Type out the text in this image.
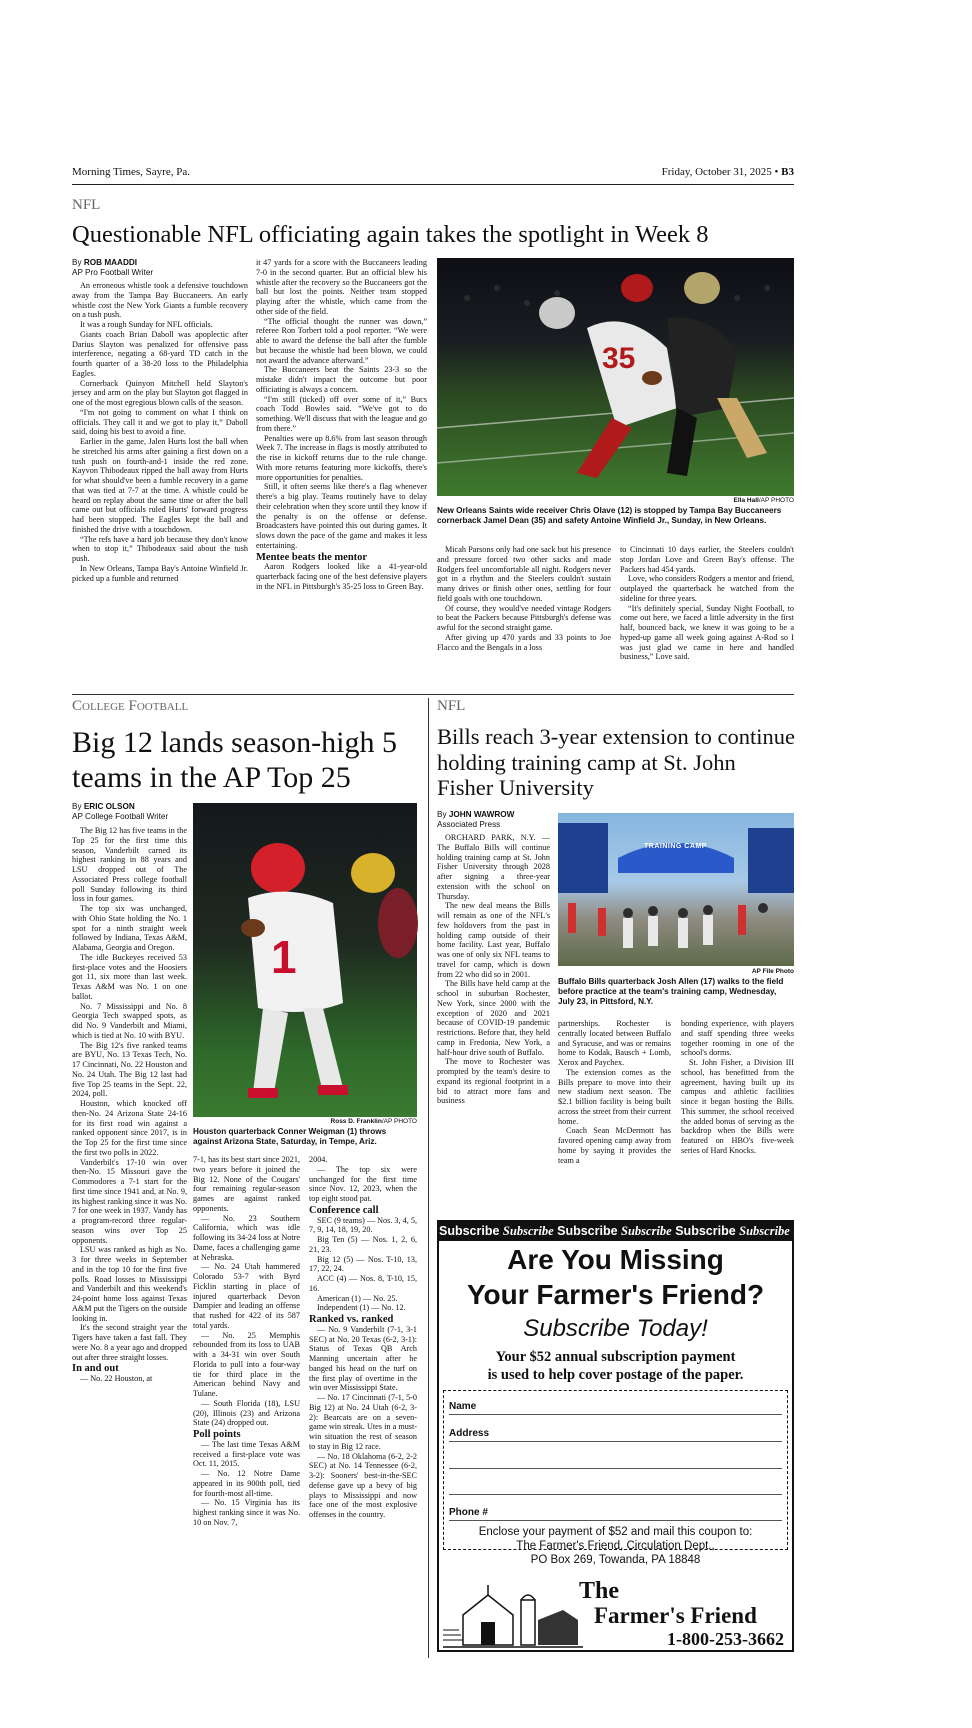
Morning Times, Sayre, Pa.	Friday, October 31, 2025 • B3
···
NFL
Questionable NFL officiating again takes the spotlight in Week 8
By ROB MAADDI
AP Pro Football Writer

An erroneous whistle took a defensive touchdown away from the Tampa Bay Buccaneers. An early whistle cost the New York Giants a fumble recovery on a tush push.

It was a rough Sunday for NFL officials.

Giants coach Brian Daboll was apoplectic after Darius Slayton was penalized for offensive pass interference, negating a 68-yard TD catch in the fourth quarter of a 38-20 loss to the Philadelphia Eagles.

Cornerback Quinyon Mitchell held Slayton's jersey and arm on the play but Slayton got flagged in one of the most egregious blown calls of the season.

“I'm not going to comment on what I think on officials. They call it and we got to play it,” Daboll said, doing his best to avoid a fine.

Earlier in the game, Jalen Hurts lost the ball when he stretched his arms after gaining a first down on a tush push on fourth-and-1 inside the red zone. Kayvon Thibodeaux ripped the ball away from Hurts for what should've been a fumble recovery in a game that was tied at 7-7 at the time. A whistle could be heard on replay about the same time or after the ball came out but officials ruled Hurts' forward progress had been stopped. The Eagles kept the ball and finished the drive with a touchdown.

“The refs have a hard job because they don't know when to stop it,” Thibodeaux said about the tush push.

In New Orleans, Tampa Bay's Antoine Winfield Jr. picked up a fumble and returned

it 47 yards for a score with the Buccaneers leading 7-0 in the second quarter. But an official blew his whistle after the recovery so the Buccaneers got the ball but lost the points. Neither team stopped playing after the whistle, which came from the other side of the field.

“The official thought the runner was down,” referee Ron Torbert told a pool reporter. “We were able to award the defense the ball after the fumble but because the whistle had been blown, we could not award the advance afterward.”

The Buccaneers beat the Saints 23-3 so the mistake didn't impact the outcome but poor officiating is always a concern.

“I'm still (ticked) off over some of it,” Bucs coach Todd Bowles said. “We've got to do something. We'll discuss that with the league and go from there.”

Penalties were up 8.6% from last season through Week 7. The increase in flags is mostly attributed to the rise in kickoff returns due to the rule change. With more returns featuring more kickoffs, there's more opportunities for penalties.

Still, it often seems like there's a flag whenever there's a big play. Teams routinely have to delay their celebration when they score until they know if the penalty is on the offense or defense. Broadcasters have pointed this out during games. It slows down the pace of the game and makes it less entertaining.

Mentee beats the mentor

Aaron Rodgers looked like a 41-year-old quarterback facing one of the best defensive players in the NFL in Pittsburgh's 35-25 loss to Green Bay.

35
Ella Hall/AP PHOTO
New Orleans Saints wide receiver Chris Olave (12) is stopped by Tampa Bay Buccaneers cornerback Jamel Dean (35) and safety Antoine Winfield Jr., Sunday, in New Orleans.

Micah Parsons only had one sack but his presence and pressure forced two other sacks and made Rodgers feel uncomfortable all night. Rodgers never got in a rhythm and the Steelers couldn't sustain many drives or finish other ones, settling for four field goals with one touchdown.

Of course, they would've needed vintage Rodgers to beat the Packers because Pittsburgh's defense was awful for the second straight game.

After giving up 470 yards and 33 points to Joe Flacco and the Bengals in a loss

to Cincinnati 10 days earlier, the Steelers couldn't stop Jordan Love and Green Bay's offense. The Packers had 454 yards.

Love, who considers Rodgers a mentor and friend, outplayed the quarterback he watched from the sideline for three years.

“It's definitely special, Sunday Night Football, to come out here, we faced a little adversity in the first half, bounced back, we knew it was going to be a hyped-up game all week going against A-Rod so I was just glad we came in here and handled business,” Love said.

College Football
Big 12 lands season-high 5 teams in the AP Top 25
By ERIC OLSON
AP College Football Writer

The Big 12 has five teams in the Top 25 for the first time this season, Vanderbilt carned its highest ranking in 88 years and LSU dropped out of The Associated Press college football poll Sunday following its third loss in four games.

The top six was unchanged, with Ohio State holding the No. 1 spot for a ninth straight week followed by Indiana, Texas A&M, Alabama, Georgia and Oregon.

The idle Buckeyes received 53 first-place votes and the Hoosiers got 11, six more than last week. Texas A&M was No. 1 on one ballot.

No. 7 Mississippi and No. 8 Georgia Tech swapped spots, as did No. 9 Vanderbilt and Miami, which is tied at No. 10 with BYU.

The Big 12's five ranked teams are BYU, No. 13 Texas Tech, No. 17 Cincinnati, No. 22 Houston and No. 24 Utah. The Big 12 last had five Top 25 teams in the Sept. 22, 2024, poll.

Houston, which knocked off then-No. 24 Arizona State 24-16 for its first road win against a ranked opponent since 2017, is in the Top 25 for the first time since the first two polls in 2022.

Vanderbilt's 17-10 win over then-No. 15 Missouri gave the Commodores a 7-1 start for the first time since 1941 and, at No. 9, its highest ranking since it was No. 7 for one week in 1937. Vandy has a program-record three regular-season wins over Top 25 opponents.

LSU was ranked as high as No. 3 for three weeks in September and in the top 10 for the first five polls. Road losses to Mississippi and Vanderbilt and this weekend's 24-point home loss against Texas A&M put the Tigers on the outside looking in.

It's the second straight year the Tigers have taken a fast fall. They were No. 8 a year ago and dropped out after three straight losses.

In and out

— No. 22 Houston, at

1
Ross D. Franklin/AP PHOTO
Houston quarterback Conner Weigman (1) throws against Arizona State, Saturday, in Tempe, Ariz.

7-1, has its best start since 2021, two years before it joined the Big 12. None of the Cougars' four remaining regular-season games are against ranked opponents.

— No. 23 Southern California, which was idle following its 34-24 loss at Notre Dame, faces a challenging game at Nebraska.

— No. 24 Utah hammered Colorado 53-7 with Byrd Ficklin starting in place of injured quarterback Devon Dampier and leading an offense that rushed for 422 of its 587 total yards.

— No. 25 Memphis rebounded from its loss to UAB with a 34-31 win over South Florida to pull into a four-way tie for third place in the American behind Navy and Tulane.

— South Florida (18), LSU (20), Illinois (23) and Arizona State (24) dropped out.

Poll points

— The last time Texas A&M received a first-place vote was Oct. 11, 2015.

— No. 12 Notre Dame appeared in its 900th poll, tied for fourth-most all-time.

— No. 15 Virginia has its highest ranking since it was No. 10 on Nov. 7,

2004.

— The top six were unchanged for the first time since Nov. 12, 2023, when the top eight stood pat.

Conference call

SEC (9 teams) — Nos. 3, 4, 5, 7, 9, 14, 18, 19, 20.

Big Ten (5) — Nos. 1, 2, 6, 21, 23.

Big 12 (5) — Nos. T-10, 13, 17, 22, 24.

ACC (4) — Nos. 8, T-10, 15, 16.

American (1) — No. 25.

Independent (1) — No. 12.

Ranked vs. ranked

— No. 9 Vanderbilt (7-1, 3-1 SEC) at No. 20 Texas (6-2, 3-1): Status of Texas QB Arch Manning uncertain after he banged his head on the turf on the first play of overtime in the win over Mississippi State.

— No. 17 Cincinnati (7-1, 5-0 Big 12) at No. 24 Utah (6-2, 3-2): Bearcats are on a seven-game win streak. Utes in a must-win situation the rest of season to stay in Big 12 race.

— No. 18 Oklahoma (6-2, 2-2 SEC) at No. 14 Tennessee (6-2, 3-2): Sooners' best-in-the-SEC defense gave up a bevy of big plays to Mississippi and now face one of the most explosive offenses in the country.

NFL
Bills reach 3-year extension to continue holding training camp at St. John Fisher University
By JOHN WAWROW
Associated Press

ORCHARD PARK, N.Y. — The Buffalo Bills will continue holding training camp at St. John Fisher University through 2028 after signing a three-year extension with the school on Thursday.

The new deal means the Bills will remain as one of the NFL's few holdovers from the past in holding camp outside of their home facility. Last year, Buffalo was one of only six NFL teams to travel for camp, which is down from 22 who did so in 2001.

The Bills have held camp at the school in suburban Rochester, New York, since 2000 with the exception of 2020 and 2021 because of COVID-19 pandemic restrictions. Before that, they held camp in Fredonia, New York, a half-hour drive south of Buffalo.

The move to Rochester was prompted by the team's desire to expand its regional footprint in a bid to attract more fans and business

TRAINING CAMP
AP File Photo
Buffalo Bills quarterback Josh Allen (17) walks to the field before practice at the team's training camp, Wednesday, July 23, in Pittsford, N.Y.

partnerships. Rochester is centrally located between Buffalo and Syracuse, and was or remains home to Kodak, Bausch + Lomb, Xerox and Paychex.

The extension comes as the Bills prepare to move into their new stadium next season. The $2.1 billion facility is being built across the street from their current home.

Coach Sean McDermott has favored opening camp away from home by saying it provides the team a

bonding experience, with players and staff spending three weeks together rooming in one of the school's dorms.

St. John Fisher, a Division III school, has benefitted from the agreement, having built up its campus and athletic facilities since it began hosting the Bills. This summer, the school received the added bonus of serving as the backdrop when the Bills were featured on HBO's five-week series of Hard Knocks.

Subscribe Subscribe Subscribe Subscribe Subscribe Subscribe Subscribe Subscribe Subscribe
Are You Missing
Your Farmer's Friend?
Subscribe Today!
Your $52 annual subscription payment
is used to help cover postage of the paper.
Name
Address
Phone #
Enclose your payment of $52 and mail this coupon to:
The Farmer's Friend, Circulation Dept.,
PO Box 269, Towanda, PA 18848
The
Farmer's Friend
1-800-253-3662
